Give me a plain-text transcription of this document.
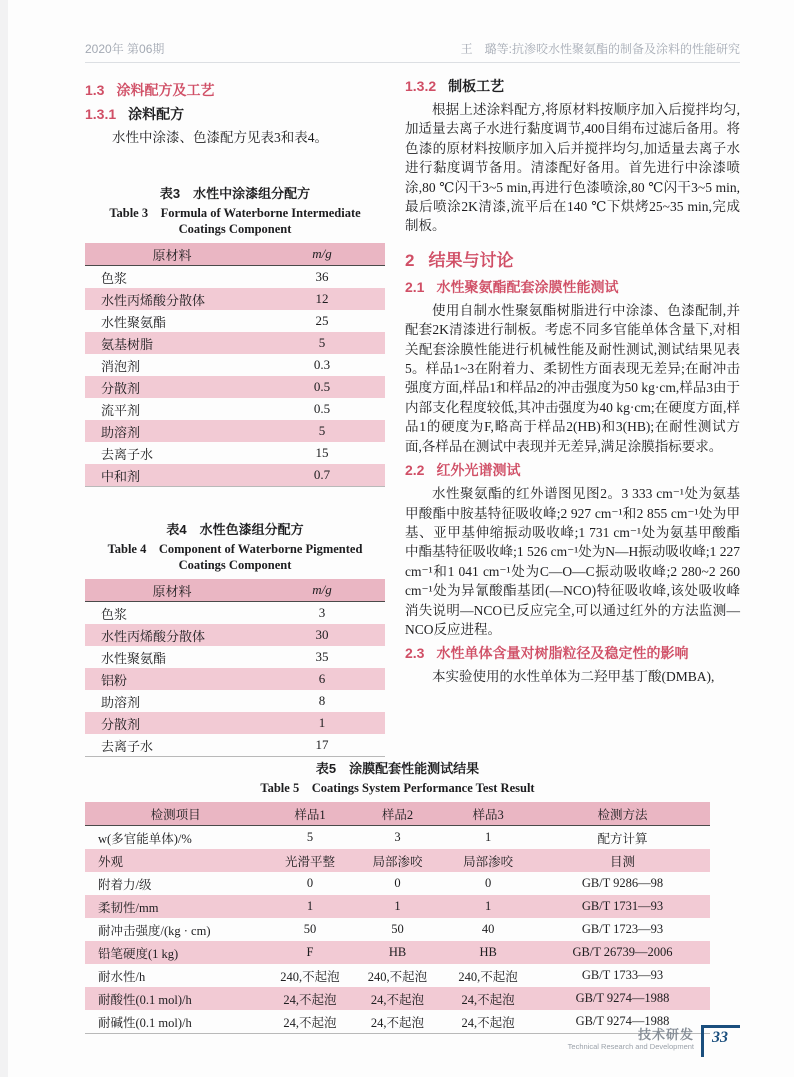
2020年 第06期	王　璐等:抗渗咬水性聚氨酯的制备及涂料的性能研究
1.3 涂料配方及工艺
1.3.1 涂料配方

水性中涂漆、色漆配方见表3和表4。

表3　水性中涂漆组分配方
Table 3　Formula of Waterborne Intermediate Coatings Component
原材料	m/g
色浆	36
水性丙烯酸分散体	12
水性聚氨酯	25
氨基树脂	5
消泡剂	0.3
分散剂	0.5
流平剂	0.5
助溶剂	5
去离子水	15
中和剂	0.7
表4　水性色漆组分配方
Table 4　Component of Waterborne Pigmented Coatings Component
原材料	m/g
色浆	3
水性丙烯酸分散体	30
水性聚氨酯	35
铝粉	6
助溶剂	8
分散剂	1
去离子水	17
1.3.2 制板工艺

根据上述涂料配方,将原材料按顺序加入后搅拌均匀,加适量去离子水进行黏度调节,400目绢布过滤后备用。将色漆的原材料按顺序加入后并搅拌均匀,加适量去离子水进行黏度调节备用。清漆配好备用。首先进行中涂漆喷涂,80 ℃闪干3~5 min,再进行色漆喷涂,80 ℃闪干3~5 min,最后喷涂2K清漆,流平后在140 ℃下烘烤25~35 min,完成制板。

2 结果与讨论
2.1 水性聚氨酯配套涂膜性能测试

使用自制水性聚氨酯树脂进行中涂漆、色漆配制,并配套2K清漆进行制板。考虑不同多官能单体含量下,对相关配套涂膜性能进行机械性能及耐性测试,测试结果见表5。样品1~3在附着力、柔韧性方面表现无差异;在耐冲击强度方面,样品1和样品2的冲击强度为50 kg·cm,样品3由于内部支化程度较低,其冲击强度为40 kg·cm;在硬度方面,样品1的硬度为F,略高于样品2(HB)和3(HB);在耐性测试方面,各样品在测试中表现并无差异,满足涂膜指标要求。

2.2 红外光谱测试

水性聚氨酯的红外谱图见图2。3 333 cm⁻¹处为氨基甲酸酯中胺基特征吸收峰;2 927 cm⁻¹和2 855 cm⁻¹处为甲基、亚甲基伸缩振动吸收峰;1 731 cm⁻¹处为氨基甲酸酯中酯基特征吸收峰;1 526 cm⁻¹处为N—H振动吸收峰;1 227 cm⁻¹和1 041 cm⁻¹处为C—O—C振动吸收峰;2 280~2 260 cm⁻¹处为异氰酸酯基团(—NCO)特征吸收峰,该处吸收峰消失说明—NCO已反应完全,可以通过红外的方法监测—NCO反应进程。

2.3 水性单体含量对树脂粒径及稳定性的影响

本实验使用的水性单体为二羟甲基丁酸(DMBA),

表5　涂膜配套性能测试结果
Table 5　Coatings System Performance Test Result
检测项目	样品1	样品2	样品3	检测方法
w(多官能单体)/%	5	3	1	配方计算
外观	光滑平整	局部渗咬	局部渗咬	目测
附着力/级	0	0	0	GB/T 9286—98
柔韧性/mm	1	1	1	GB/T 1731—93
耐冲击强度/(kg · cm)	50	50	40	GB/T 1723—93
铅笔硬度(1 kg)	F	HB	HB	GB/T 26739—2006
耐水性/h	240,不起泡	240,不起泡	240,不起泡	GB/T 1733—93
耐酸性(0.1 mol)/h	24,不起泡	24,不起泡	24,不起泡	GB/T 9274—1988
耐碱性(0.1 mol)/h	24,不起泡	24,不起泡	24,不起泡	GB/T 9274—1988
技术研发
Technical Research and Development
33
